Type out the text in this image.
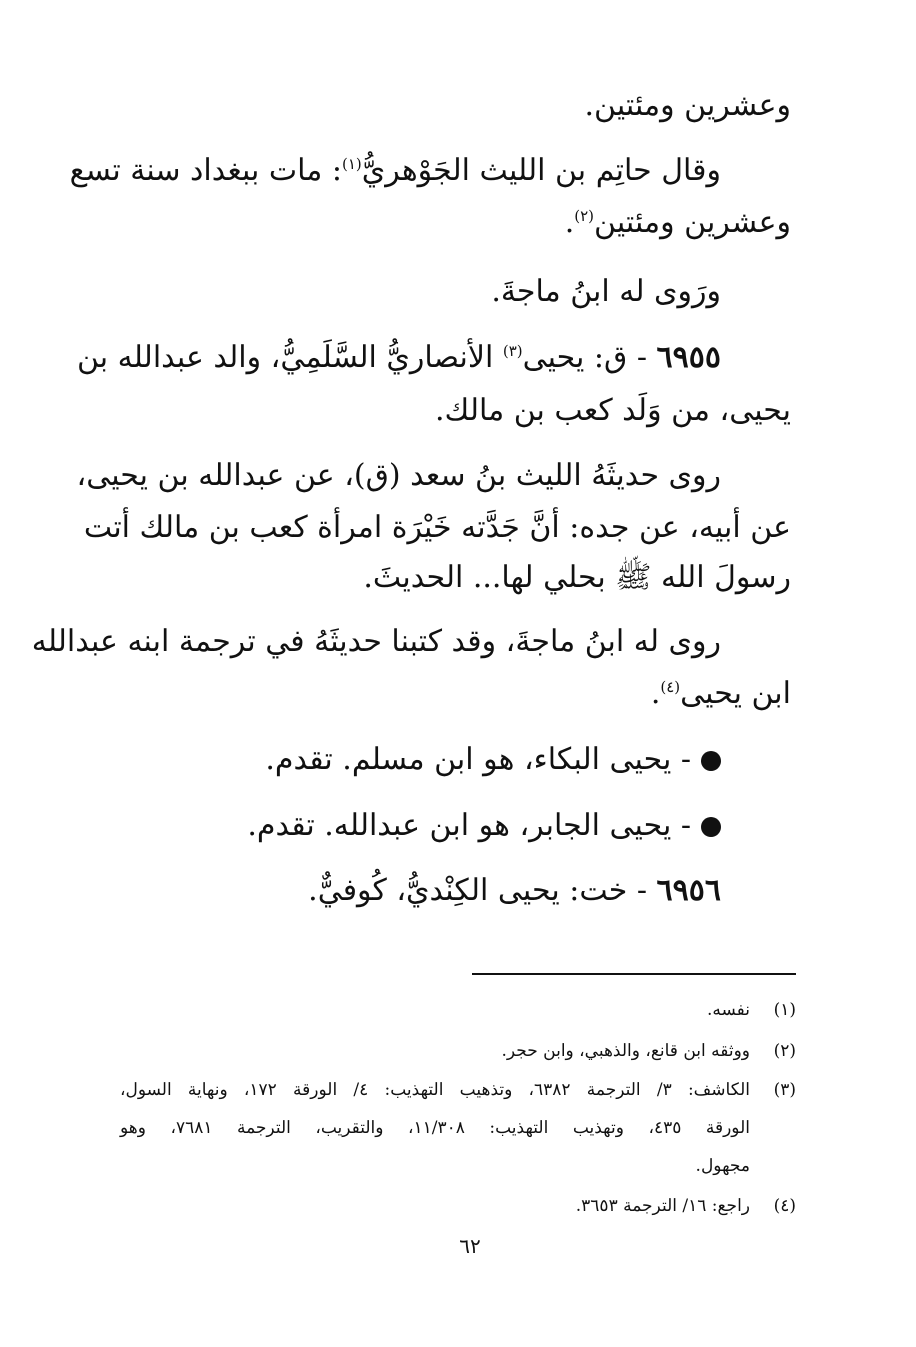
وعشرين ومئتين.
وقال حاتِم بن الليث الجَوْهريُّ$^{(١)}$: مات ببغداد سنة تسع
وعشرين ومئتين$^{(٢)}$.
ورَوى له ابنُ ماجةَ.
٦٩٥٥ - ق: يحيى$^{(٣)}$ الأنصاريُّ السَّلَمِيُّ، والد عبدالله بن
يحيى، من وَلَد كعب بن مالك.
روى حديثَهُ الليث بنُ سعد (ق)، عن عبدالله بن يحيى،
عن أبيه، عن جده: أنَّ جَدَّته خَيْرَة امرأة كعب بن مالك أتت
رسولَ الله ﷺ بحلي لها... الحديثَ.
روى له ابنُ ماجةَ، وقد كتبنا حديثَهُ في ترجمة ابنه عبدالله
ابن يحيى$^{(٤)}$.
- يحيى البكاء، هو ابن مسلم. تقدم.
- يحيى الجابر، هو ابن عبدالله. تقدم.
٦٩٥٦ - خت: يحيى الكِنْديُّ، كُوفيٌّ.
(١)
نفسه.
(٢)
ووثقه ابن قانع، والذهبي، وابن حجر.
(٣)
الكاشف: ٣/ الترجمة ٦٣٨٢، وتذهيب التهذيب: ٤/ الورقة ١٧٢، ونهاية السول،
الورقة ٤٣٥، وتهذيب التهذيب: ١١/٣٠٨، والتقريب، الترجمة ٧٦٨١، وهو
مجهول.
(٤)
راجع: ١٦/ الترجمة ٣٦٥٣.
٦٢
